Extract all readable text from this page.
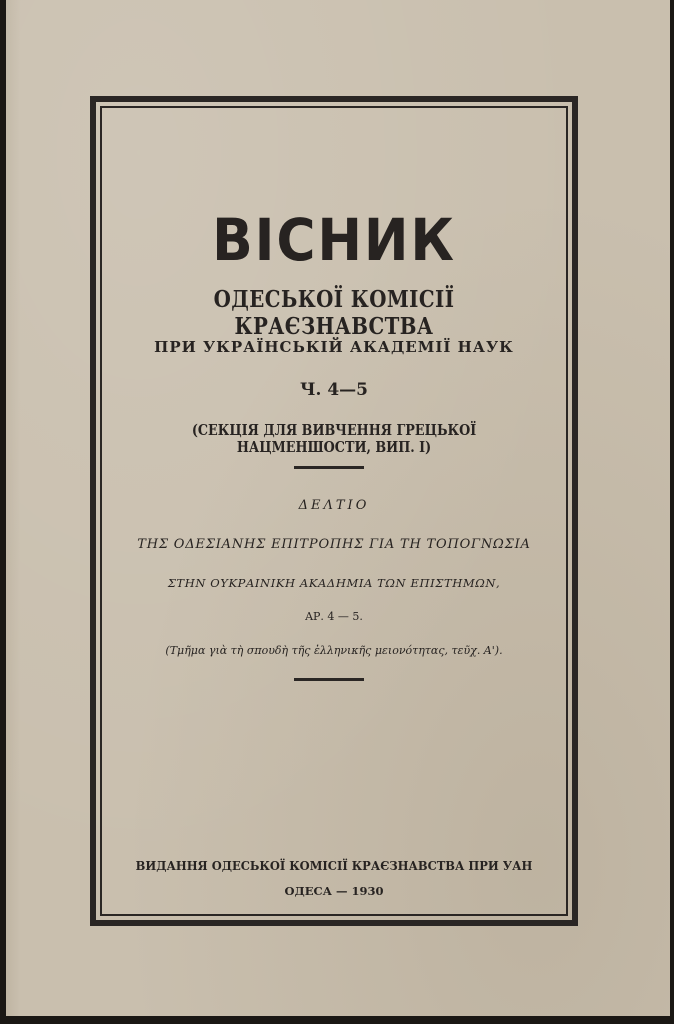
ВІСНИК
ОДЕСЬКОЇ КОМІСІЇ КРАЄЗНАВСТВА
ПРИ УКРАЇНСЬКІЙ АКАДЕМІЇ НАУК
Ч. 4—5
(СЕКЦІЯ ДЛЯ ВИВЧЕННЯ ГРЕЦЬКОЇ НАЦМЕНШОСТИ, ВИП. І)
ΔΕΛΤΙΟ
ΤΗΣ ΟΔΕΣΙΑΝΗΣ ΕΠΙΤΡΟΠΗΣ ΓΙΑ ΤΗ ΤΟΠΟΓΝΩΣΙΑ
ΣΤΗΝ ΟΥΚΡΑΙΝΙΚΗ ΑΚΑΔΗΜΙΑ ΤΩΝ ΕΠΙΣΤΗΜΩΝ,
ΑΡ. 4 — 5.
(Τμῆμα γιὰ τὴ σπουδὴ τῆς ἑλληνικῆς μειονότητας, τεῦχ. Α').
ВИДАННЯ ОДЕСЬКОЇ КОМІСІЇ КРАЄЗНАВСТВА ПРИ УАН
ОДЕСА — 1930
